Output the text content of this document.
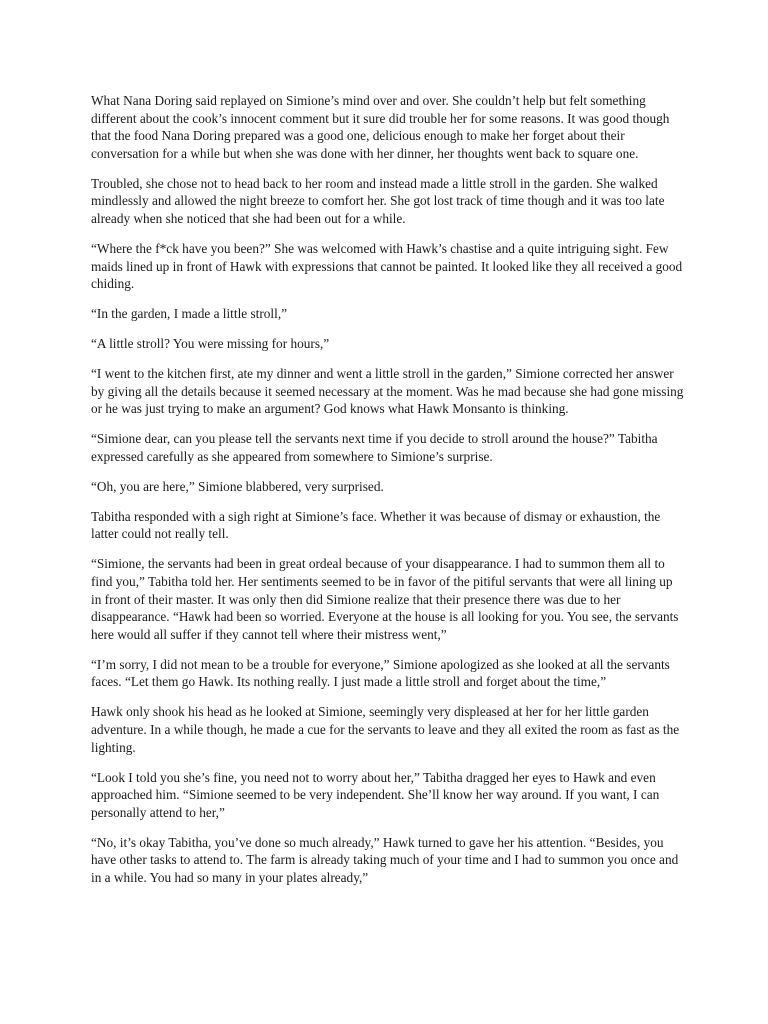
What Nana Doring said replayed on Simione’s mind over and over. She couldn’t help but felt something different about the cook’s innocent comment but it sure did trouble her for some reasons. It was good though that the food Nana Doring prepared was a good one, delicious enough to make her forget about their conversation for a while but when she was done with her dinner, her thoughts went back to square one.

Troubled, she chose not to head back to her room and instead made a little stroll in the garden. She walked mindlessly and allowed the night breeze to comfort her. She got lost track of time though and it was too late already when she noticed that she had been out for a while.

“Where the f*ck have you been?” She was welcomed with Hawk’s chastise and a quite intriguing sight. Few maids lined up in front of Hawk with expressions that cannot be painted. It looked like they all received a good chiding.

“In the garden, I made a little stroll,”

“A little stroll? You were missing for hours,”

“I went to the kitchen first, ate my dinner and went a little stroll in the garden,” Simione corrected her answer by giving all the details because it seemed necessary at the moment. Was he mad because she had gone missing or he was just trying to make an argument? God knows what Hawk Monsanto is thinking.

“Simione dear, can you please tell the servants next time if you decide to stroll around the house?” Tabitha expressed carefully as she appeared from somewhere to Simione’s surprise.

“Oh, you are here,” Simione blabbered, very surprised.

Tabitha responded with a sigh right at Simione’s face. Whether it was because of dismay or exhaustion, the latter could not really tell.

“Simione, the servants had been in great ordeal because of your disappearance. I had to summon them all to find you,” Tabitha told her. Her sentiments seemed to be in favor of the pitiful servants that were all lining up in front of their master. It was only then did Simione realize that their presence there was due to her disappearance. “Hawk had been so worried. Everyone at the house is all looking for you. You see, the servants here would all suffer if they cannot tell where their mistress went,”

“I’m sorry, I did not mean to be a trouble for everyone,” Simione apologized as she looked at all the servants faces. “Let them go Hawk. Its nothing really. I just made a little stroll and forget about the time,”

Hawk only shook his head as he looked at Simione, seemingly very displeased at her for her little garden adventure. In a while though, he made a cue for the servants to leave and they all exited the room as fast as the lighting.

“Look I told you she’s fine, you need not to worry about her,” Tabitha dragged her eyes to Hawk and even approached him. “Simione seemed to be very independent. She’ll know her way around. If you want, I can personally attend to her,”

“No, it’s okay Tabitha, you’ve done so much already,” Hawk turned to gave her his attention. “Besides, you have other tasks to attend to. The farm is already taking much of your time and I had to summon you once and in a while. You had so many in your plates already,”
